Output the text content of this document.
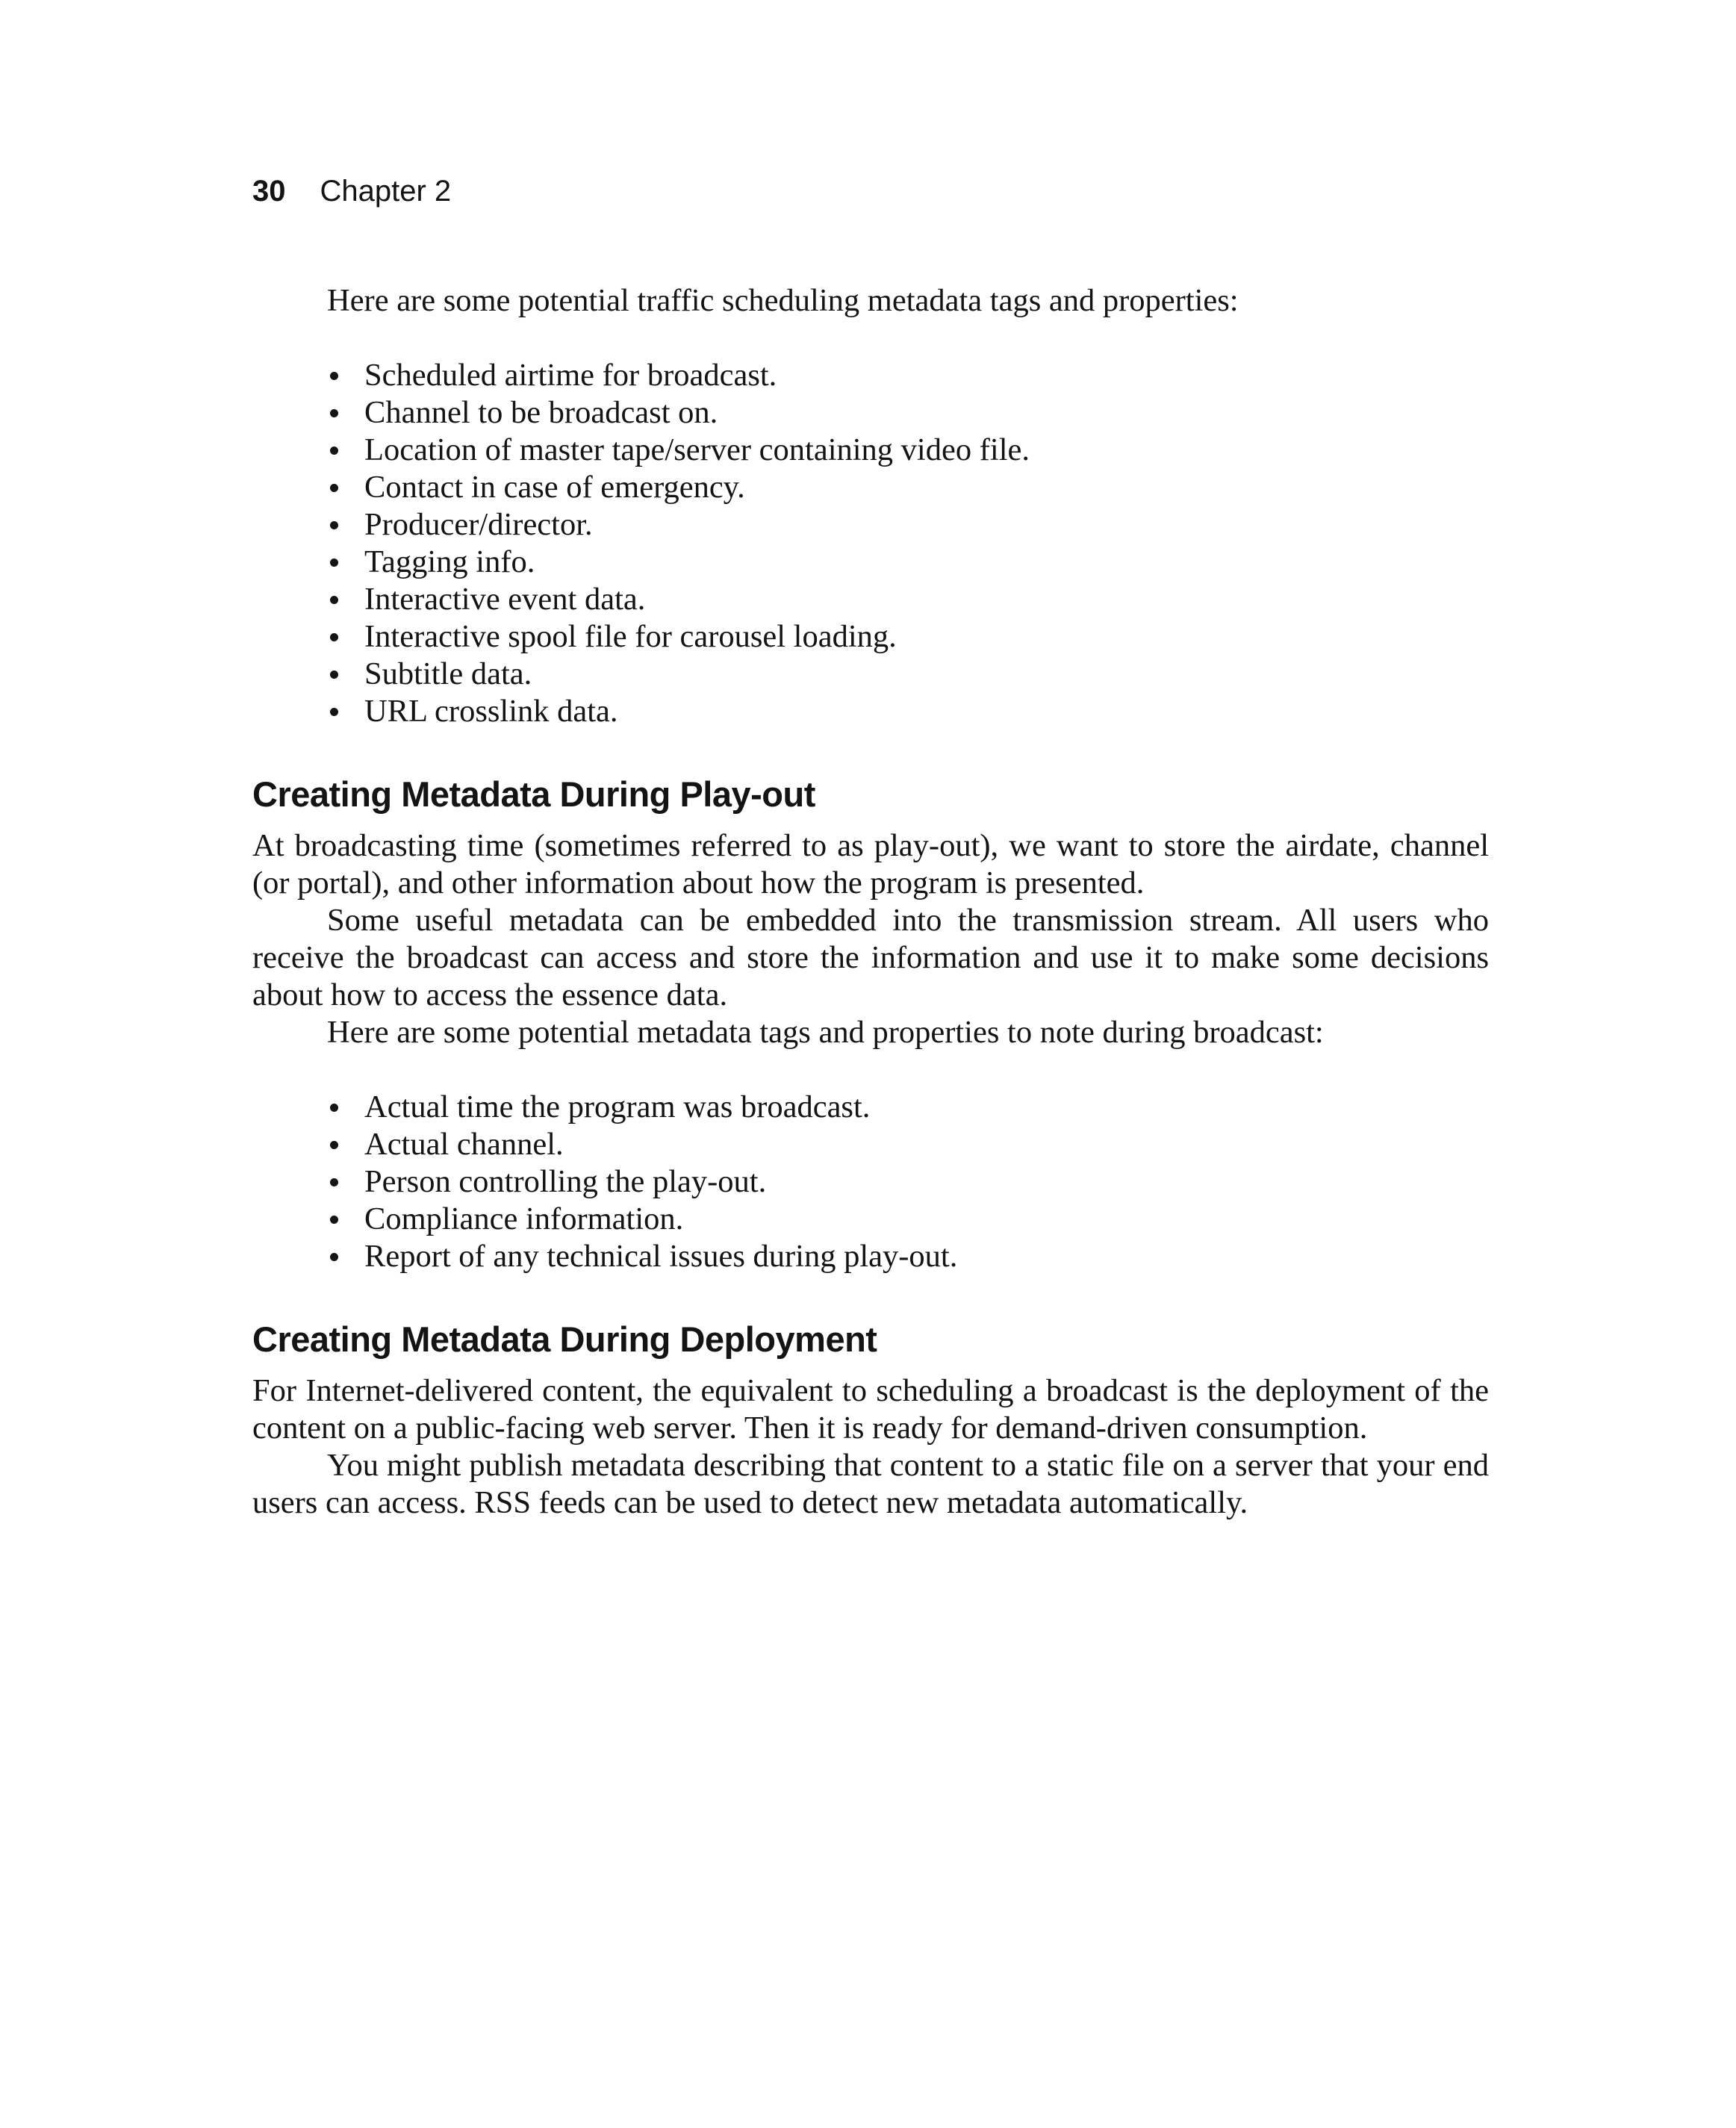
30 Chapter 2

Here are some potential traffic scheduling metadata tags and properties:

Scheduled airtime for broadcast.
Channel to be broadcast on.
Location of master tape/server containing video file.
Contact in case of emergency.
Producer/director.
Tagging info.
Interactive event data.
Interactive spool file for carousel loading.
Subtitle data.
URL crosslink data.
Creating Metadata During Play-out

At broadcasting time (sometimes referred to as play-out), we want to store the airdate, channel (or portal), and other information about how the program is presented.

Some useful metadata can be embedded into the transmission stream. All users who receive the broadcast can access and store the information and use it to make some decisions about how to access the essence data.

Here are some potential metadata tags and properties to note during broadcast:

Actual time the program was broadcast.
Actual channel.
Person controlling the play-out.
Compliance information.
Report of any technical issues during play-out.
Creating Metadata During Deployment

For Internet-delivered content, the equivalent to scheduling a broadcast is the deployment of the content on a public-facing web server. Then it is ready for demand-driven consumption.

You might publish metadata describing that content to a static file on a server that your end users can access. RSS feeds can be used to detect new metadata automatically.
